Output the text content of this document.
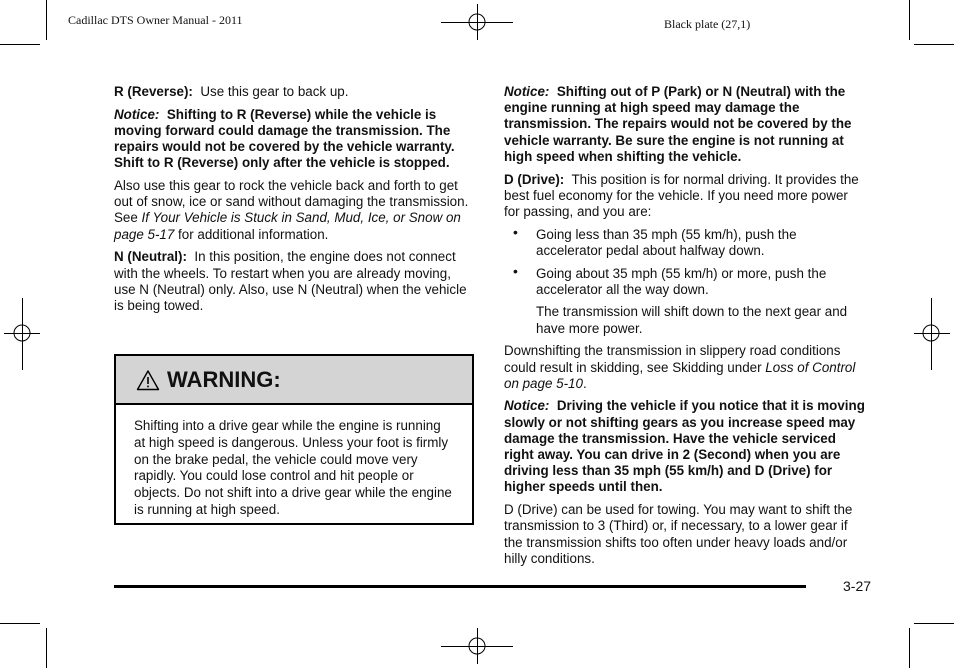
Cadillac DTS Owner Manual - 2011	Black plate (27,1)

R (Reverse): Use this gear to back up.

Notice: Shifting to R (Reverse) while the vehicle is moving forward could damage the transmission. The repairs would not be covered by the vehicle warranty. Shift to R (Reverse) only after the vehicle is stopped.

Also use this gear to rock the vehicle back and forth to get out of snow, ice or sand without damaging the transmission. See If Your Vehicle is Stuck in Sand, Mud, Ice, or Snow on page 5-17 for additional information.

N (Neutral): In this position, the engine does not connect with the wheels. To restart when you are already moving, use N (Neutral) only. Also, use N (Neutral) when the vehicle is being towed.

WARNING:
Shifting into a drive gear while the engine is running at high speed is dangerous. Unless your foot is firmly on the brake pedal, the vehicle could move very rapidly. You could lose control and hit people or objects. Do not shift into a drive gear while the engine is running at high speed.

Notice: Shifting out of P (Park) or N (Neutral) with the engine running at high speed may damage the transmission. The repairs would not be covered by the vehicle warranty. Be sure the engine is not running at high speed when shifting the vehicle.

D (Drive): This position is for normal driving. It provides the best fuel economy for the vehicle. If you need more power for passing, and you are:

• Going less than 35 mph (55 km/h), push the accelerator pedal about halfway down.
• Going about 35 mph (55 km/h) or more, push the accelerator all the way down.

The transmission will shift down to the next gear and have more power.

Downshifting the transmission in slippery road conditions could result in skidding, see Skidding under Loss of Control on page 5-10.

Notice: Driving the vehicle if you notice that it is moving slowly or not shifting gears as you increase speed may damage the transmission. Have the vehicle serviced right away. You can drive in 2 (Second) when you are driving less than 35 mph (55 km/h) and D (Drive) for higher speeds until then.

D (Drive) can be used for towing. You may want to shift the transmission to 3 (Third) or, if necessary, to a lower gear if the transmission shifts too often under heavy loads and/or hilly conditions.

3-27
